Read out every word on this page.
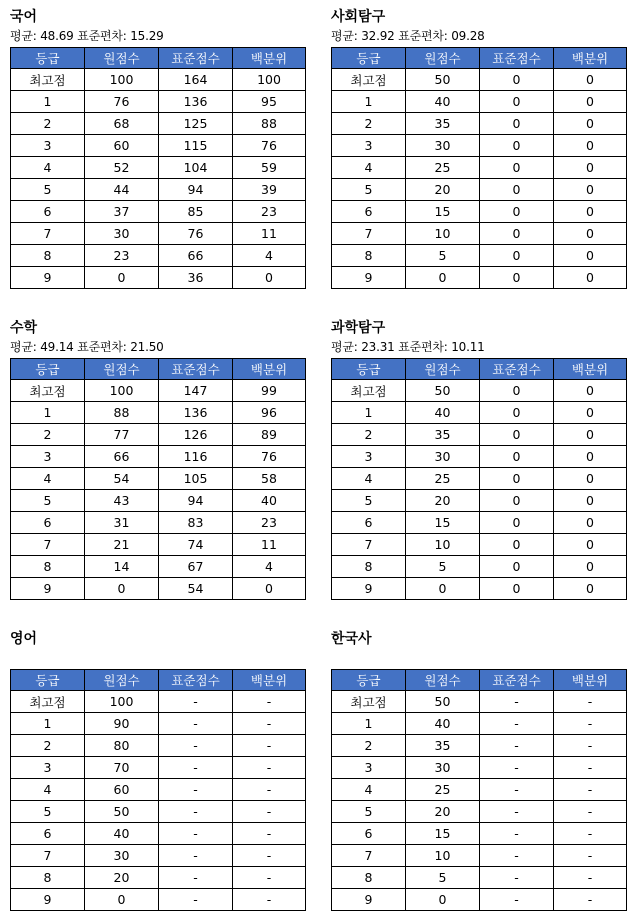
국어
평균: 48.69 표준편차: 15.29
등급	원점수	표준점수	백분위
최고점	100	164	100
1	76	136	95
2	68	125	88
3	60	115	76
4	52	104	59
5	44	94	39
6	37	85	23
7	30	76	11
8	23	66	4
9	0	36	0
사회탐구
평균: 32.92 표준편차: 09.28
등급	원점수	표준점수	백분위
최고점	50	0	0
1	40	0	0
2	35	0	0
3	30	0	0
4	25	0	0
5	20	0	0
6	15	0	0
7	10	0	0
8	5	0	0
9	0	0	0
수학
평균: 49.14 표준편차: 21.50
등급	원점수	표준점수	백분위
최고점	100	147	99
1	88	136	96
2	77	126	89
3	66	116	76
4	54	105	58
5	43	94	40
6	31	83	23
7	21	74	11
8	14	67	4
9	0	54	0
과학탐구
평균: 23.31 표준편차: 10.11
등급	원점수	표준점수	백분위
최고점	50	0	0
1	40	0	0
2	35	0	0
3	30	0	0
4	25	0	0
5	20	0	0
6	15	0	0
7	10	0	0
8	5	0	0
9	0	0	0
영어
등급	원점수	표준점수	백분위
최고점	100	-	-
1	90	-	-
2	80	-	-
3	70	-	-
4	60	-	-
5	50	-	-
6	40	-	-
7	30	-	-
8	20	-	-
9	0	-	-
한국사
등급	원점수	표준점수	백분위
최고점	50	-	-
1	40	-	-
2	35	-	-
3	30	-	-
4	25	-	-
5	20	-	-
6	15	-	-
7	10	-	-
8	5	-	-
9	0	-	-
